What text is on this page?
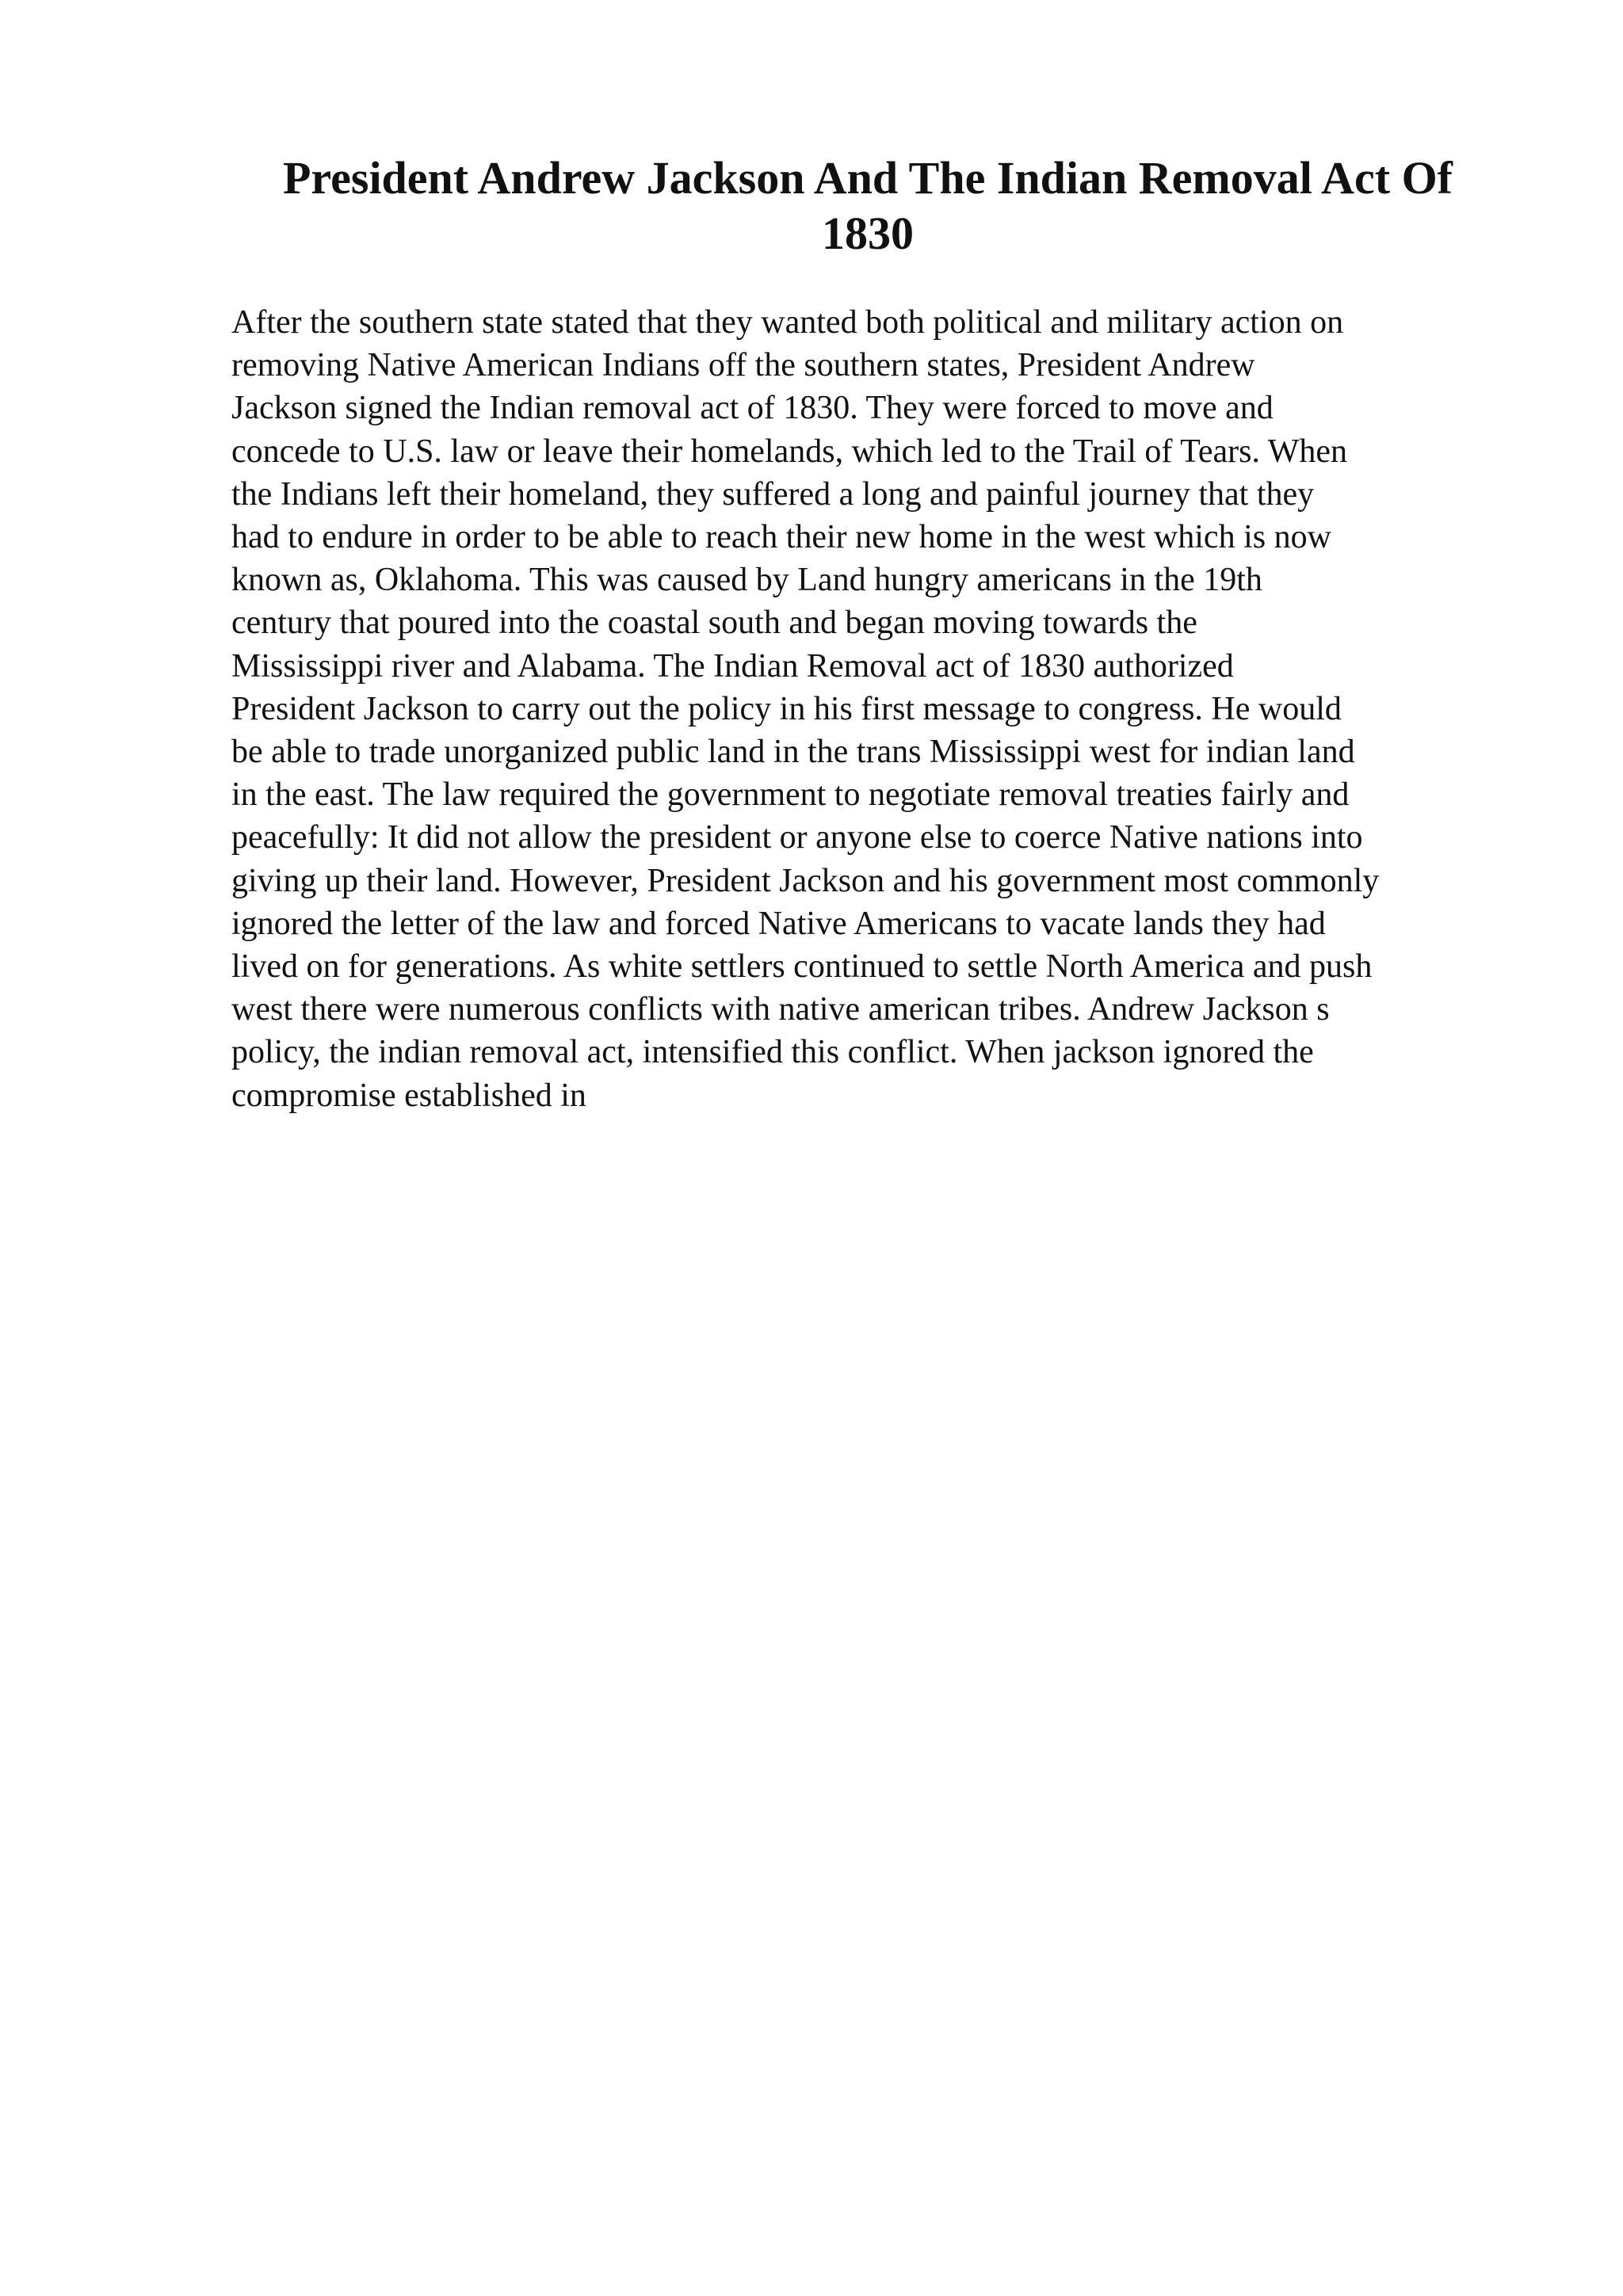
President Andrew Jackson And The Indian Removal Act Of
1830
After the southern state stated that they wanted both political and military action on
removing Native American Indians off the southern states, President Andrew
Jackson signed the Indian removal act of 1830. They were forced to move and
concede to U.S. law or leave their homelands, which led to the Trail of Tears. When
the Indians left their homeland, they suffered a long and painful journey that they
had to endure in order to be able to reach their new home in the west which is now
known as, Oklahoma. This was caused by Land hungry americans in the 19th
century that poured into the coastal south and began moving towards the
Mississippi river and Alabama. The Indian Removal act of 1830 authorized
President Jackson to carry out the policy in his first message to congress. He would
be able to trade unorganized public land in the trans Mississippi west for indian land
in the east. The law required the government to negotiate removal treaties fairly and
peacefully: It did not allow the president or anyone else to coerce Native nations into
giving up their land. However, President Jackson and his government most commonly
ignored the letter of the law and forced Native Americans to vacate lands they had
lived on for generations. As white settlers continued to settle North America and push
west there were numerous conflicts with native american tribes. Andrew Jackson s
policy, the indian removal act, intensified this conflict. When jackson ignored the
compromise established in
